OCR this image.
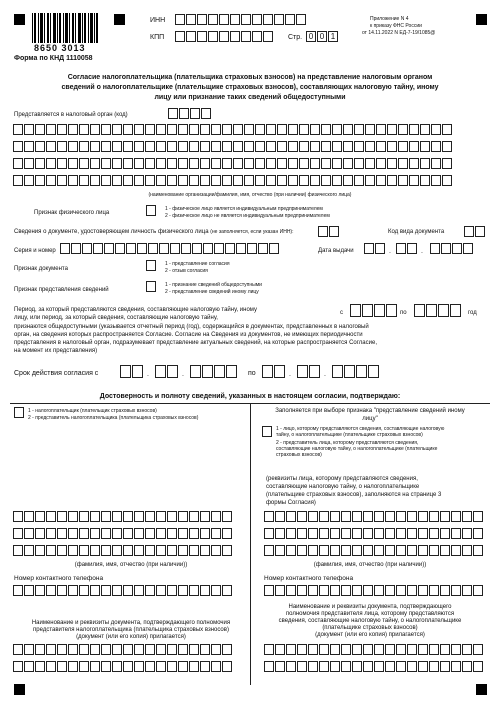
8650 3013
Форма по КНД 1110058
ИНН
КПП	Стр. 0 0 1
Приложение N 4
к приказу ФНС России
от 14.11.2022 N ЕД-7-19/1085@
Согласие налогоплательщика (плательщика страховых взносов) на представление налоговым органом
сведений о налогоплательщике (плательщике страховых взносов), составляющих налоговую тайну, иному
лицу или признание таких сведений общедоступными
Представляется в налоговый орган (код)
(наименование организации/фамилия, имя, отчество (при наличии) физического лица)
Признак физического лица
1 - физическое лицо является индивидуальным предпринимателем
2 - физическое лицо не является индивидуальным предпринимателем
Сведения о документе, удостоверяющем личность физического лица (не заполняется, если указан ИНН):	Код вида документа
Серия и номер	Дата выдачи	.	.
Признак документа
1 - представление согласия
2 - отзыв согласия
Признак представления сведений
1 - признание сведений общедоступными
2 - представление сведений иному лицу
Период, за который представляются сведения, составляющие налоговую тайну, иному
лицу, или период, за который сведения, составляющие налоговую тайну,
с	по	год
признаются общедоступными (указывается отчетный период (год), содержащийся в документах, представленных в налоговый
орган, на сведения которых распространяется Согласие. Согласие на Сведения из документов, не имеющих периодичности
представления в налоговый орган, подразумевает представление актуальных сведений, на которые распространяется Согласие,
на момент их представления)
Срок действия согласия с	.	.	по	.	.
Достоверность и полноту сведений, указанных в настоящем согласии, подтверждаю:
1 - налогоплательщик (плательщик страховых взносов)
2 - представитель налогоплательщика (плательщика страховых взносов)
(фамилия, имя, отчество (при наличии))
Номер контактного телефона
Наименование и реквизиты документа, подтверждающего полномочия
представителя налогоплательщика (плательщика страховых взносов)
(документ (или его копия) прилагается)
Заполняется при выборе признака "представление сведений иному
лицу"
1 - лицо, которому представляются сведения, составляющие налоговую
тайну, о налогоплательщике (плательщике страховых взносов)
2 - представитель лица, которому представляются сведения,
составляющие налоговую тайну, о налогоплательщике (плательщике
страховых взносов)
(реквизиты лица, которому представляются сведения,
составляющие налоговую тайну, о налогоплательщике
(плательщике страховых взносов), заполняются на странице 3
формы Согласия)
(фамилия, имя, отчество (при наличии))
Номер контактного телефона
Наименование и реквизиты документа, подтверждающего
полномочия представителя лица, которому представляются
сведения, составляющие налоговую тайну, о налогоплательщике
(плательщике страховых взносов)
(документ (или его копия) прилагается)
